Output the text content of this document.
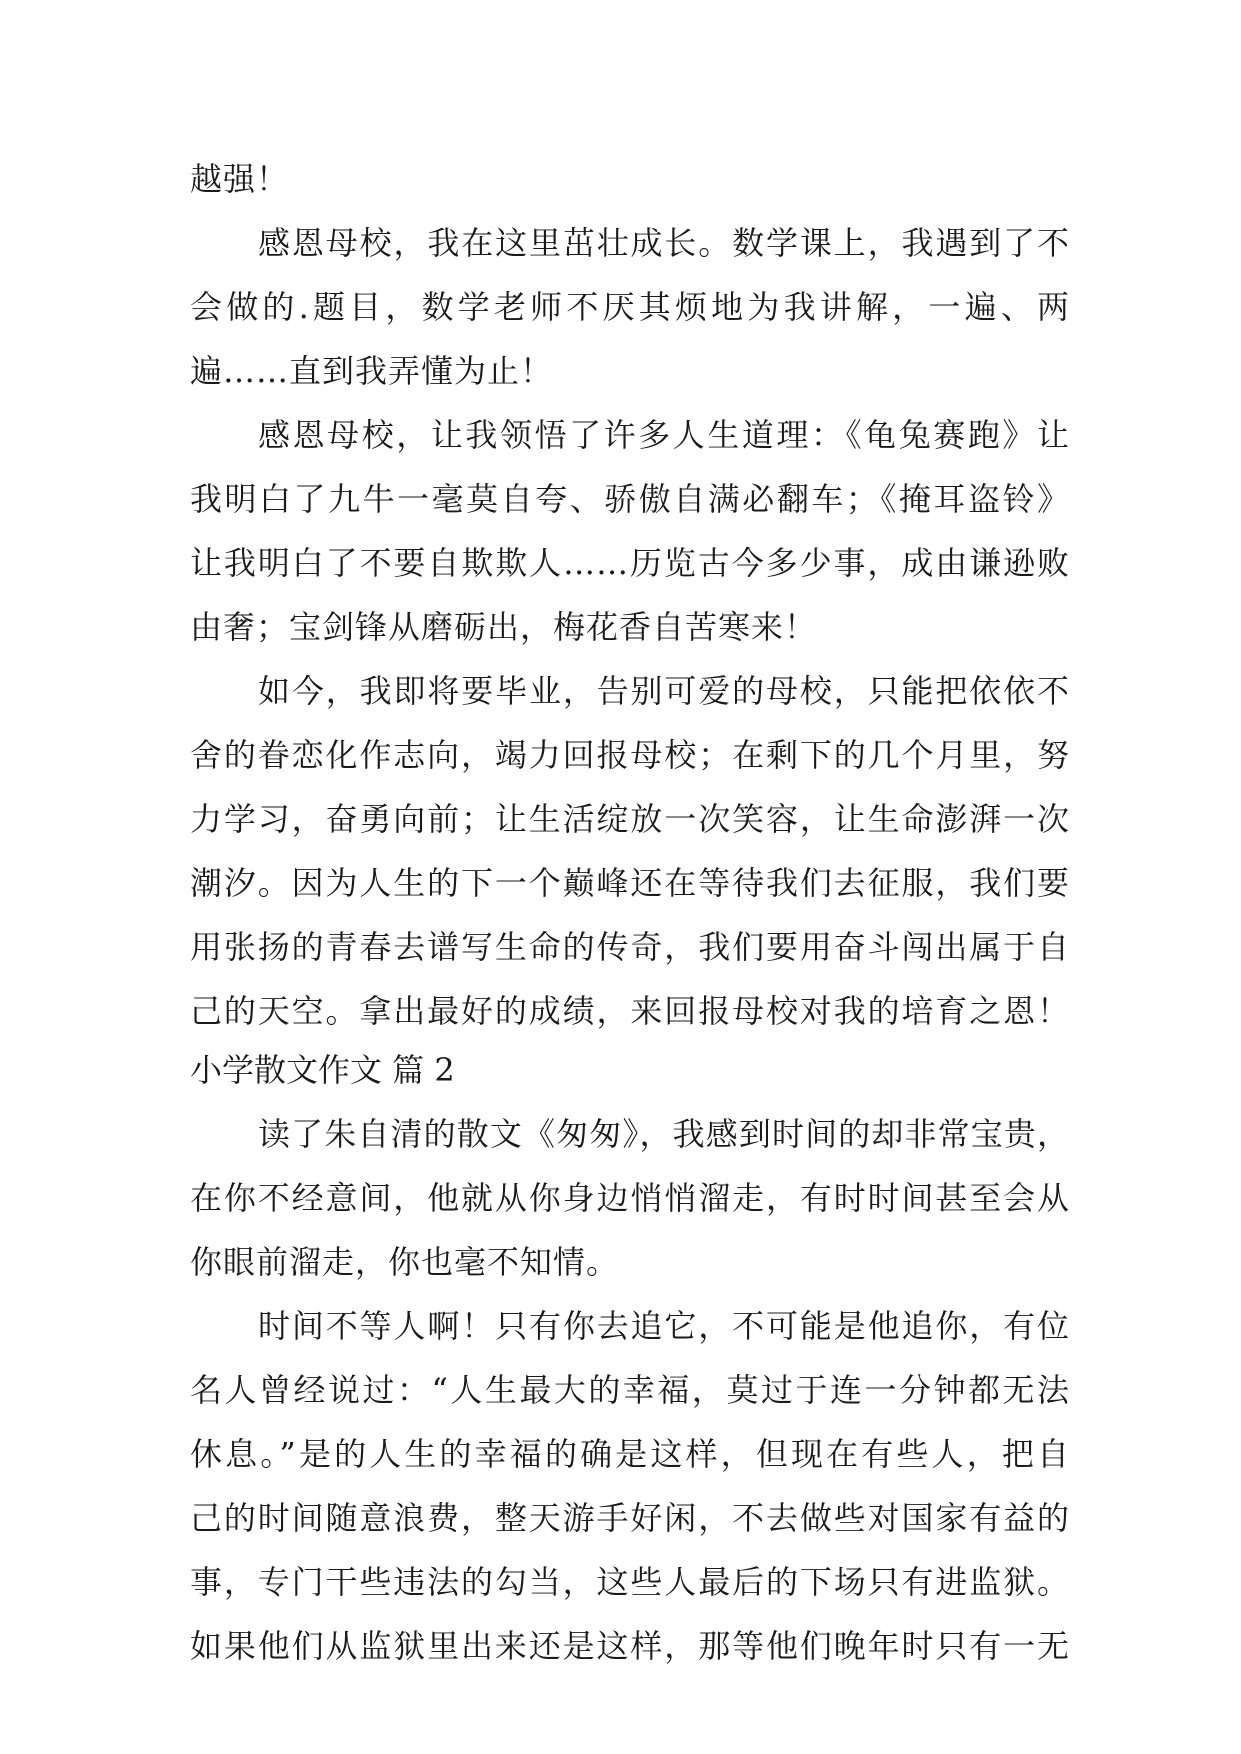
越强！
感恩母校，我在这里茁壮成长。数学课上，我遇到了不
会做的.题目，数学老师不厌其烦地为我讲解，一遍、两
遍……直到我弄懂为止！
感恩母校，让我领悟了许多人生道理：《龟兔赛跑》让
我明白了九牛一毫莫自夸、骄傲自满必翻车；《掩耳盗铃》
让我明白了不要自欺欺人……历览古今多少事，成由谦逊败
由奢；宝剑锋从磨砺出，梅花香自苦寒来！
如今，我即将要毕业，告别可爱的母校，只能把依依不
舍的眷恋化作志向，竭力回报母校；在剩下的几个月里，努
力学习，奋勇向前；让生活绽放一次笑容，让生命澎湃一次
潮汐。因为人生的下一个巅峰还在等待我们去征服，我们要
用张扬的青春去谱写生命的传奇，我们要用奋斗闯出属于自
己的天空。拿出最好的成绩，来回报母校对我的培育之恩！
小学散文作文 篇 2
读了朱自清的散文《匆匆》，我感到时间的却非常宝贵，
在你不经意间，他就从你身边悄悄溜走，有时时间甚至会从
你眼前溜走，你也毫不知情。
时间不等人啊！只有你去追它，不可能是他追你，有位
名人曾经说过：“人生最大的幸福，莫过于连一分钟都无法
休息。”是的人生的幸福的确是这样，但现在有些人，把自
己的时间随意浪费，整天游手好闲，不去做些对国家有益的
事，专门干些违法的勾当，这些人最后的下场只有进监狱。
如果他们从监狱里出来还是这样，那等他们晚年时只有一无
